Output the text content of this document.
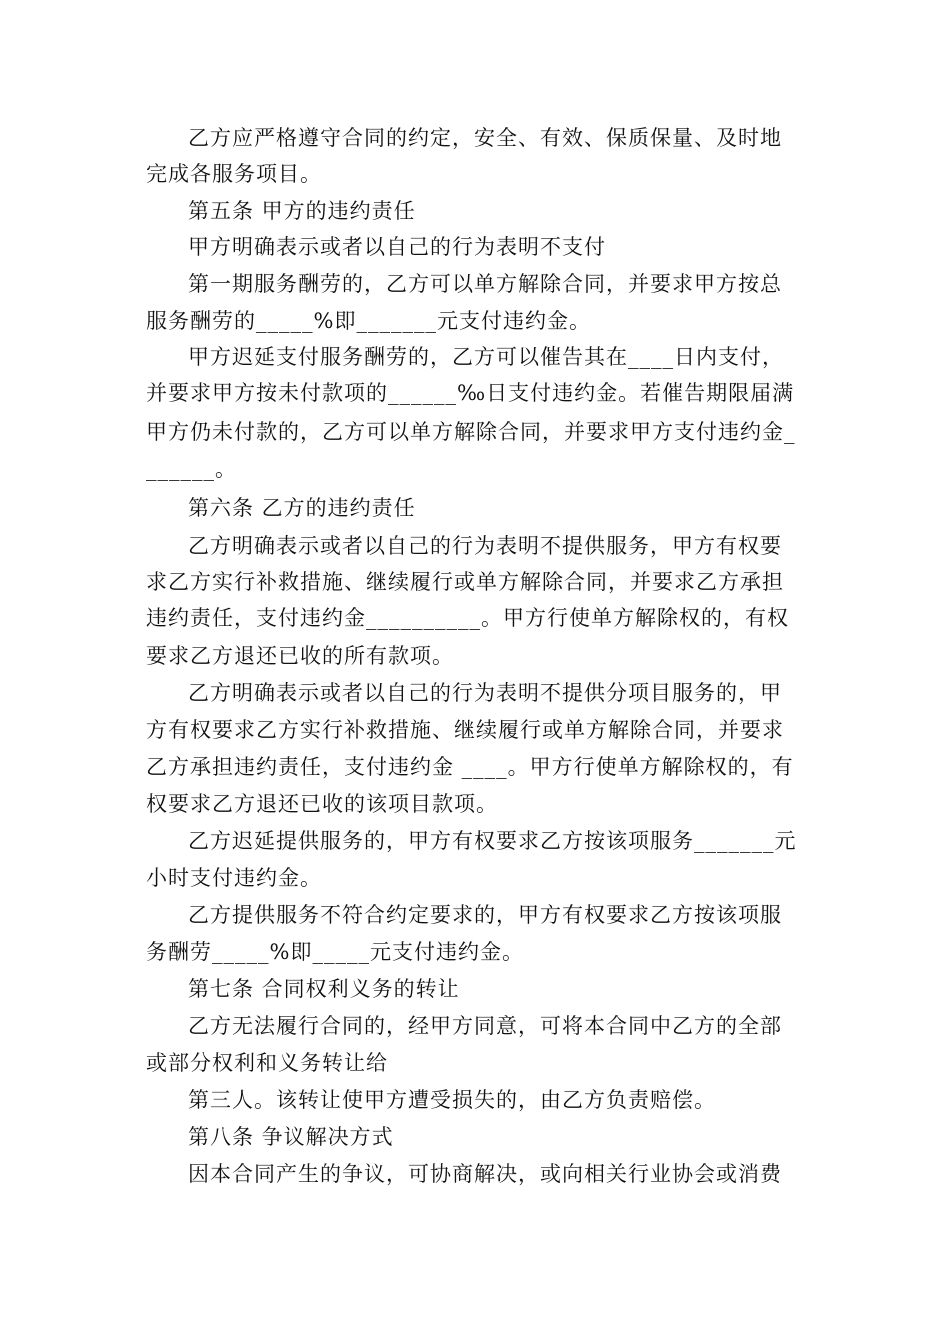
乙方应严格遵守合同的约定，安全、有效、保质保量、及时地
完成各服务项目。
第五条 甲方的违约责任
甲方明确表示或者以自己的行为表明不支付
第一期服务酬劳的，乙方可以单方解除合同，并要求甲方按总
服务酬劳的_____%即_______元支付违约金。
甲方迟延支付服务酬劳的，乙方可以催告其在____日内支付，
并要求甲方按未付款项的______‰日支付违约金。若催告期限届满
甲方仍未付款的，乙方可以单方解除合同，并要求甲方支付违约金_
______。
第六条 乙方的违约责任
乙方明确表示或者以自己的行为表明不提供服务，甲方有权要
求乙方实行补救措施、继续履行或单方解除合同，并要求乙方承担
违约责任，支付违约金__________。甲方行使单方解除权的，有权
要求乙方退还已收的所有款项。
乙方明确表示或者以自己的行为表明不提供分项目服务的，甲
方有权要求乙方实行补救措施、继续履行或单方解除合同，并要求
乙方承担违约责任，支付违约金 ____。甲方行使单方解除权的，有
权要求乙方退还已收的该项目款项。
乙方迟延提供服务的，甲方有权要求乙方按该项服务_______元
小时支付违约金。
乙方提供服务不符合约定要求的，甲方有权要求乙方按该项服
务酬劳_____%即_____元支付违约金。
第七条 合同权利义务的转让
乙方无法履行合同的，经甲方同意，可将本合同中乙方的全部
或部分权利和义务转让给
第三人。该转让使甲方遭受损失的，由乙方负责赔偿。
第八条 争议解决方式
因本合同产生的争议，可协商解决，或向相关行业协会或消费
